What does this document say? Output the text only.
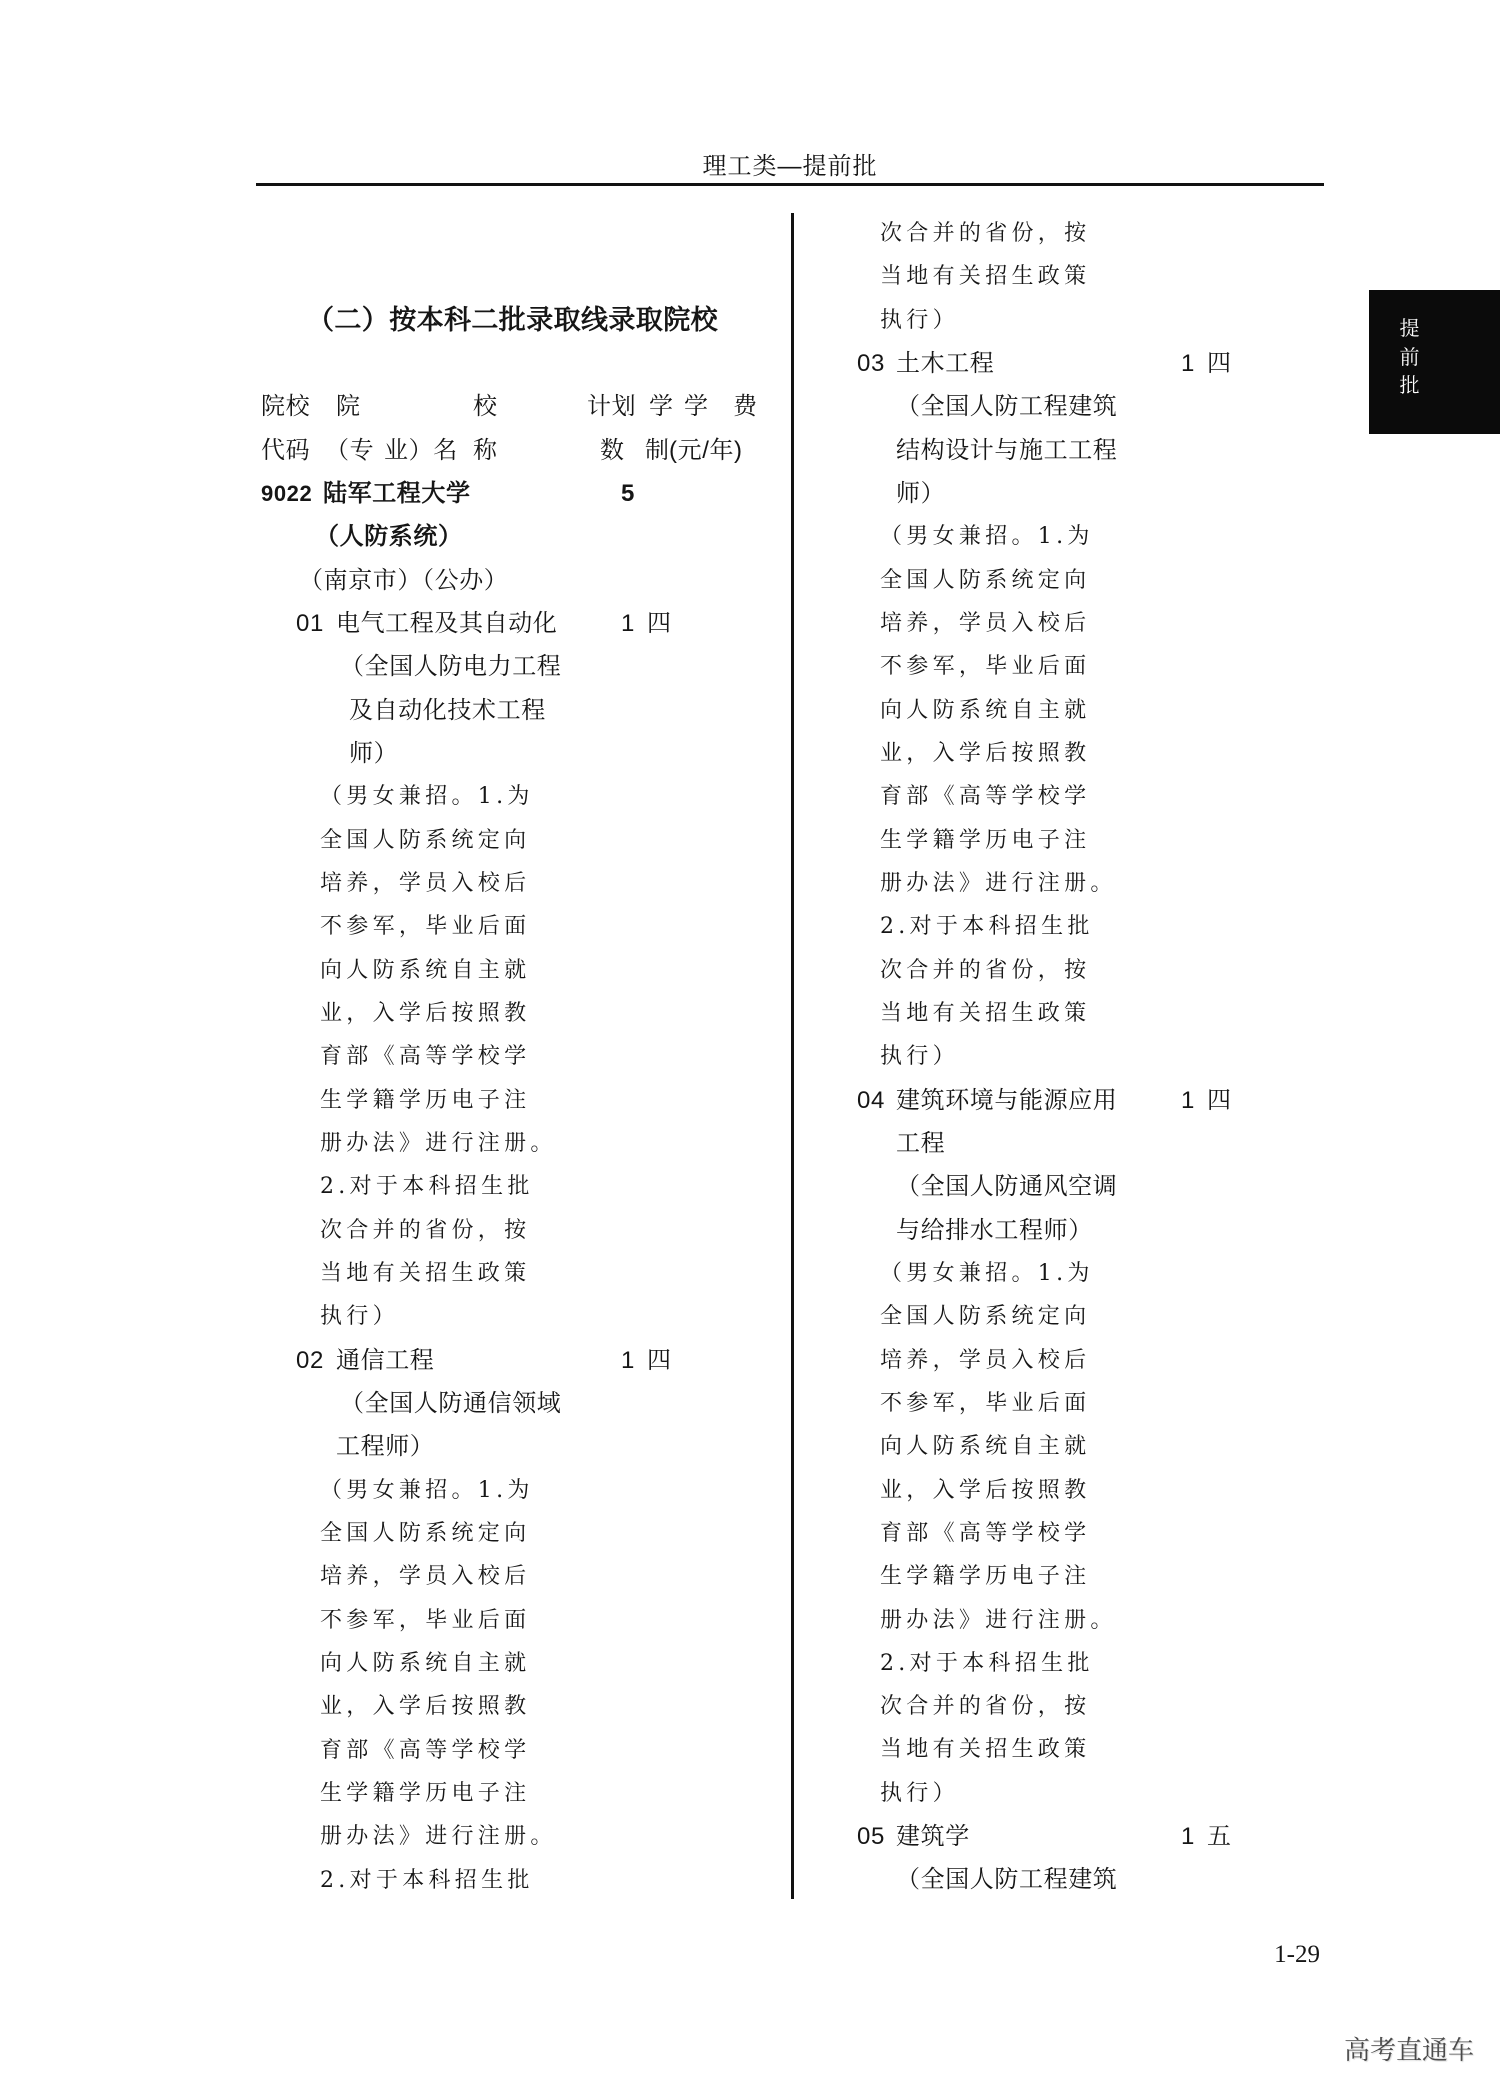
理工类—提前批
提前批
（二）按本科二批录取线录取院校
院校 院	校	计划 学 学 费
代码 （专 业）名 称	数 制 (元/年)
9022 陆军工程大学	5
（人防系统）
（南京市）（公办）
01 电气工程及其自动化	1 四
（全国人防电力工程
及自动化技术工程
师）
（男女兼招。1.为
全国人防系统定向
培养，学员入校后
不参军，毕业后面
向人防系统自主就
业，入学后按照教
育部《高等学校学
生学籍学历电子注
册办法》进行注册。
2.对于本科招生批
次合并的省份，按
当地有关招生政策
执行）
02 通信工程	1 四
（全国人防通信领域
工程师）
（男女兼招。1.为
全国人防系统定向
培养，学员入校后
不参军，毕业后面
向人防系统自主就
业，入学后按照教
育部《高等学校学
生学籍学历电子注
册办法》进行注册。
2.对于本科招生批
次合并的省份，按
当地有关招生政策
执行）
03 土木工程	1 四
（全国人防工程建筑
结构设计与施工工程
师）
（男女兼招。1.为
全国人防系统定向
培养，学员入校后
不参军，毕业后面
向人防系统自主就
业，入学后按照教
育部《高等学校学
生学籍学历电子注
册办法》进行注册。
2.对于本科招生批
次合并的省份，按
当地有关招生政策
执行）
04 建筑环境与能源应用	1 四
工程
（全国人防通风空调
与给排水工程师）
（男女兼招。1.为
全国人防系统定向
培养，学员入校后
不参军，毕业后面
向人防系统自主就
业，入学后按照教
育部《高等学校学
生学籍学历电子注
册办法》进行注册。
2.对于本科招生批
次合并的省份，按
当地有关招生政策
执行）
05 建筑学	1 五
（全国人防工程建筑
1-29
高考直通车
